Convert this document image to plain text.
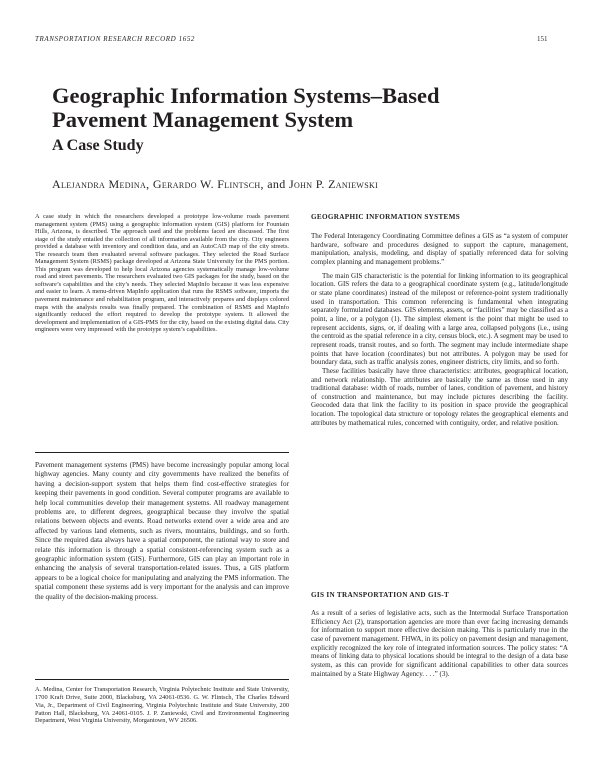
TRANSPORTATION RESEARCH RECORD 1652	151
Geographic Information Systems–Based
Pavement Management System
A Case Study
Alejandra Medina, Gerardo W. Flintsch, and John P. Zaniewski

A case study in which the researchers developed a prototype low-volume roads pavement management system (PMS) using a geographic information system (GIS) platform for Fountain Hills, Arizona, is described. The approach used and the problems faced are discussed. The first stage of the study entailed the collection of all information available from the city. City engineers provided a database with inventory and condition data, and an AutoCAD map of the city streets. The research team then evaluated several software packages. They selected the Road Surface Management System (RSMS) package developed at Arizona State University for the PMS portion. This program was developed to help local Arizona agencies systematically manage low-volume road and street pavements. The researchers evaluated two GIS packages for the study, based on the software’s capabilities and the city’s needs. They selected MapInfo because it was less expensive and easier to learn. A menu-driven MapInfo application that runs the RSMS software, imports the pavement maintenance and rehabilitation program, and interactively prepares and displays colored maps with the analysis results was finally prepared. The combination of RSMS and MapInfo significantly reduced the effort required to develop the prototype system. It allowed the development and implementation of a GIS-PMS for the city, based on the existing digital data. City engineers were very impressed with the prototype system’s capabilities.

Pavement management systems (PMS) have become increasingly popular among local highway agencies. Many county and city governments have realized the benefits of having a decision-support system that helps them find cost-effective strategies for keeping their pavements in good condition. Several computer programs are available to help local communities develop their management systems. All roadway management problems are, to different degrees, geographical because they involve the spatial relations between objects and events. Road networks extend over a wide area and are affected by various land elements, such as rivers, mountains, buildings, and so forth. Since the required data always have a spatial component, the rational way to store and relate this information is through a spatial consistent-referencing system such as a geographic information system (GIS). Furthermore, GIS can play an important role in enhancing the analysis of several transportation-related issues. Thus, a GIS platform appears to be a logical choice for manipulating and analyzing the PMS information. The spatial component these systems add is very important for the analysis and can improve the quality of the decision-making process.

A. Medina, Center for Transportation Research, Virginia Polytechnic Institute and State University, 1700 Kraft Drive, Suite 2000, Blacksburg, VA 24061-0536. G. W. Flintsch, The Charles Edward Via, Jr., Department of Civil Engineering, Virginia Polytechnic Institute and State University, 200 Patton Hall, Blacksburg, VA 24061-0105. J. P. Zaniewski, Civil and Environmental Engineering Department, West Virginia University, Morgantown, WV 26506.

GEOGRAPHIC INFORMATION SYSTEMS

The Federal Interagency Coordinating Committee defines a GIS as “a system of computer hardware, software and procedures designed to support the capture, management, manipulation, analysis, modeling, and display of spatially referenced data for solving complex planning and management problems.”

The main GIS characteristic is the potential for linking information to its geographical location. GIS refers the data to a geographical coordinate system (e.g., latitude/longitude or state plane coordinates) instead of the milepost or reference-point system traditionally used in transportation. This common referencing is fundamental when integrating separately formulated databases. GIS elements, assets, or “facilities” may be classified as a point, a line, or a polygon (1). The simplest element is the point that might be used to represent accidents, signs, or, if dealing with a large area, collapsed polygons (i.e., using the centroid as the spatial reference in a city, census block, etc.). A segment may be used to represent roads, transit routes, and so forth. The segment may include intermediate shape points that have location (coordinates) but not attributes. A polygon may be used for boundary data, such as traffic analysis zones, engineer districts, city limits, and so forth.

These facilities basically have three characteristics: attributes, geographical location, and network relationship. The attributes are basically the same as those used in any traditional database: width of roads, number of lanes, condition of pavement, and history of construction and maintenance, but may include pictures describing the facility. Geocoded data that link the facility to its position in space provide the geographical location. The topological data structure or topology relates the geographical elements and attributes by mathematical rules, concerned with contiguity, order, and relative position.

GIS IN TRANSPORTATION AND GIS-T

As a result of a series of legislative acts, such as the Intermodal Surface Transportation Efficiency Act (2), transportation agencies are more than ever facing increasing demands for information to support more effective decision making. This is particularly true in the case of pavement management. FHWA, in its policy on pavement design and management, explicitly recognized the key role of integrated information sources. The policy states: “A means of linking data to physical locations should be integral to the design of a data base system, as this can provide for significant additional capabilities to other data sources maintained by a State Highway Agency. . . .” (3).
